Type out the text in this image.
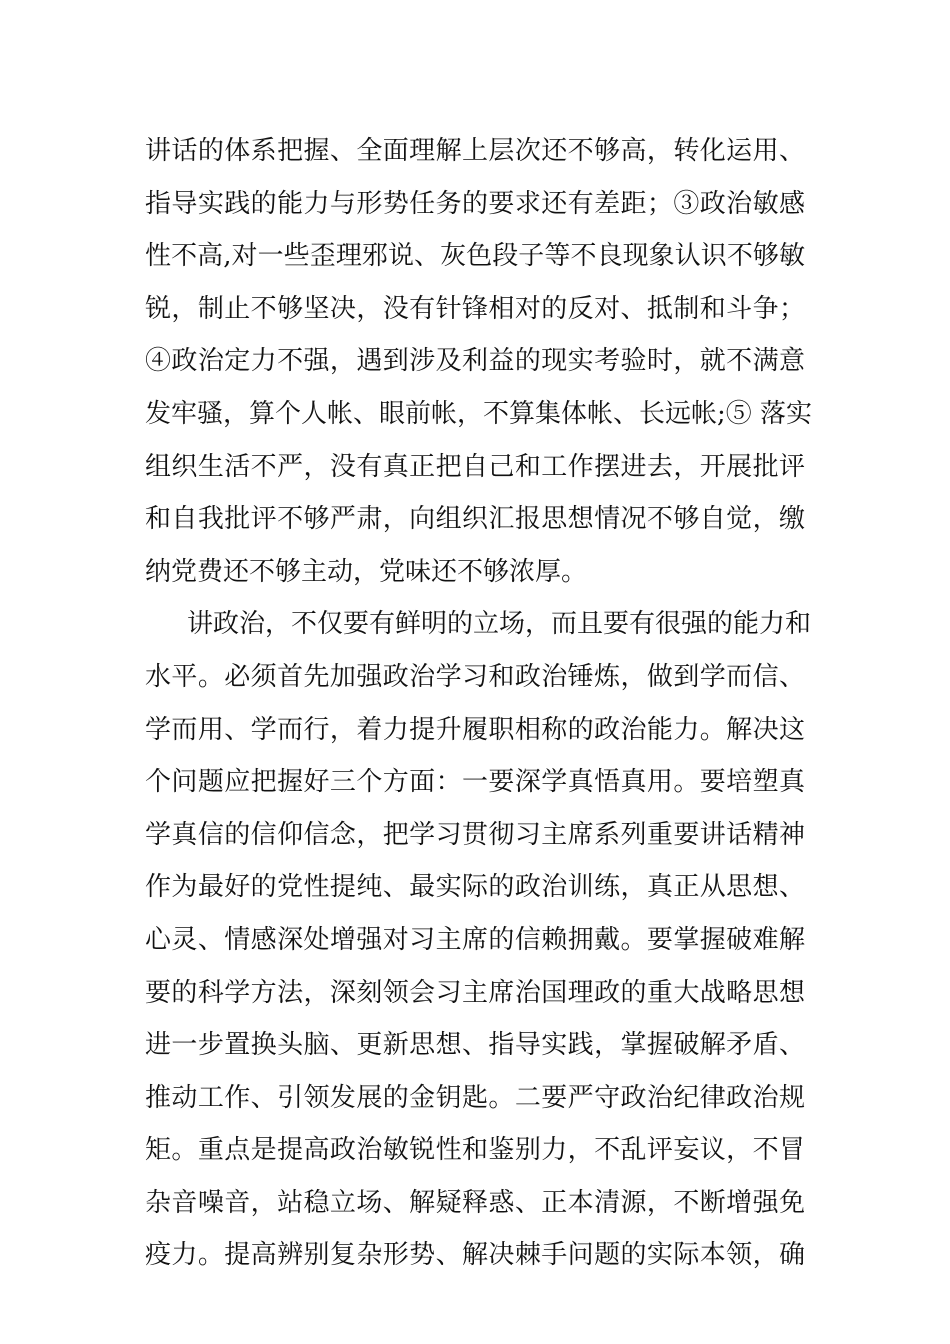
讲话的体系把握、全面理解上层次还不够高，转化运用、
指导实践的能力与形势任务的要求还有差距；③政治敏感
性不高,对一些歪理邪说、灰色段子等不良现象认识不够敏
锐，制止不够坚决，没有针锋相对的反对、抵制和斗争；
④政治定力不强，遇到涉及利益的现实考验时，就不满意
发牢骚，算个人帐、眼前帐，不算集体帐、长远帐;⑤ 落实
组织生活不严，没有真正把自己和工作摆进去，开展批评
和自我批评不够严肃，向组织汇报思想情况不够自觉，缴
纳党费还不够主动，党味还不够浓厚。
讲政治，不仅要有鲜明的立场，而且要有很强的能力和
水平。必须首先加强政治学习和政治锤炼，做到学而信、
学而用、学而行，着力提升履职相称的政治能力。解决这
个问题应把握好三个方面：一要深学真悟真用。要培塑真
学真信的信仰信念，把学习贯彻习主席系列重要讲话精神
作为最好的党性提纯、最实际的政治训练，真正从思想、
心灵、情感深处增强对习主席的信赖拥戴。要掌握破难解
要的科学方法，深刻领会习主席治国理政的重大战略思想
进一步置换头脑、更新思想、指导实践，掌握破解矛盾、
推动工作、引领发展的金钥匙。二要严守政治纪律政治规
矩。重点是提高政治敏锐性和鉴别力，不乱评妄议，不冒
杂音噪音，站稳立场、解疑释惑、正本清源，不断增强免
疫力。提高辨别复杂形势、解决棘手问题的实际本领，确
